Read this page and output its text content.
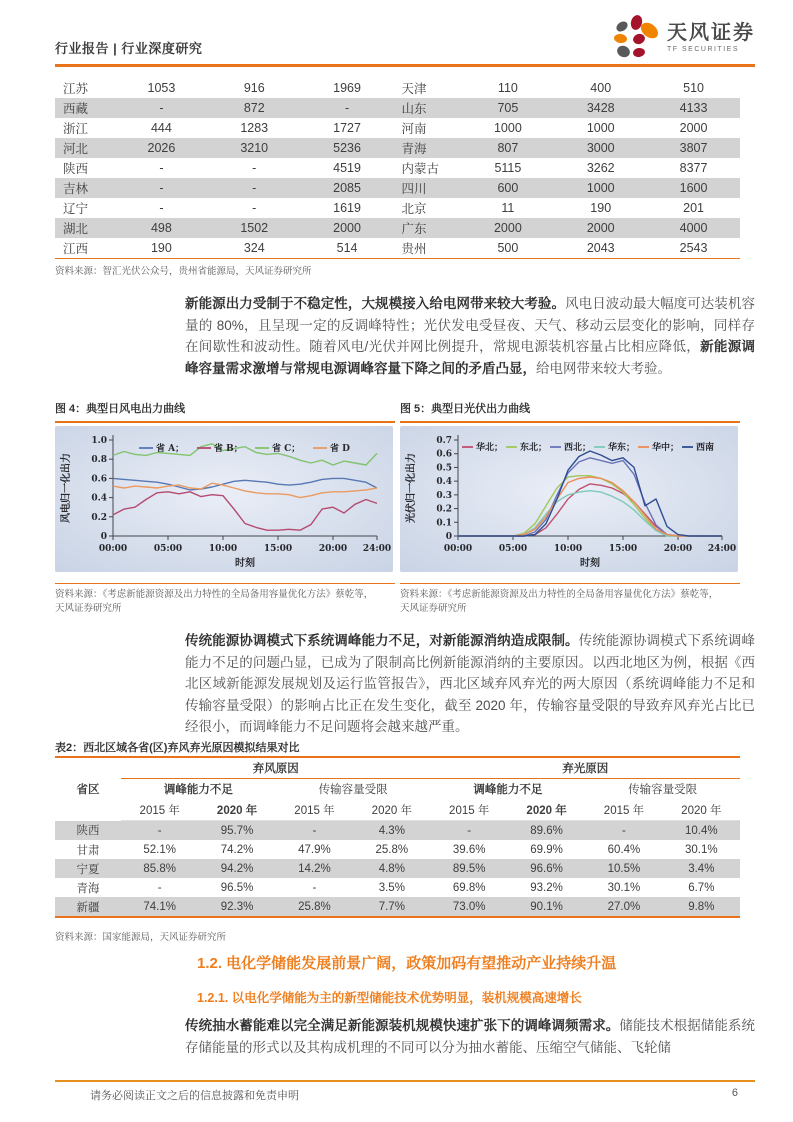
行业报告 | 行业深度研究
天风证券
TF SECURITIES
江苏	1053	916	1969	天津	110	400	510
西藏	-	872	-	山东	705	3428	4133
浙江	444	1283	1727	河南	1000	1000	2000
河北	2026	3210	5236	青海	807	3000	3807
陕西	-	-	4519	内蒙古	5115	3262	8377
吉林	-	-	2085	四川	600	1000	1600
辽宁	-	-	1619	北京	11	190	201
湖北	498	1502	2000	广东	2000	2000	4000
江西	190	324	514	贵州	500	2043	2543
资料来源：智汇光伏公众号，贵州省能源局，天风证券研究所

新能源出力受制于不稳定性，大规模接入给电网带来较大考验。风电日波动最大幅度可达装机容量的 80%，且呈现一定的反调峰特性；光伏发电受昼夜、天气、移动云层变化的影响，同样存在间歇性和波动性。随着风电/光伏并网比例提升，常规电源装机容量占比相应降低，新能源调峰容量需求激增与常规电源调峰容量下降之间的矛盾凸显，给电网带来较大考验。

图 4：典型日风电出力曲线
0
0.2
0.4
0.6
0.8
1.0
00:00	05:00	10:00	15:00	20:00 24:00
时刻
风电归一化出力
省 A；	省 B；	省 C；	省 D
资料来源：《考虑新能源资源及出力特性的全局备用容量优化方法》蔡乾等，
天风证券研究所
图 5：典型日光伏出力曲线
0
0.1
0.2
0.3
0.4
0.5
0.6
0.7
00:00	05:00	10:00	15:00	20:00 24:00
时刻
光伏归一化出力
华北； 东北； 西北； 华东； 华中； 西南
资料来源：《考虑新能源资源及出力特性的全局备用容量优化方法》蔡乾等，
天风证券研究所

传统能源协调模式下系统调峰能力不足，对新能源消纳造成限制。传统能源协调模式下系统调峰能力不足的问题凸显，已成为了限制高比例新能源消纳的主要原因。以西北地区为例，根据《西北区域新能源发展规划及运行监管报告》，西北区域弃风弃光的两大原因（系统调峰能力不足和传输容量受限）的影响占比正在发生变化，截至 2020 年，传输容量受限的导致弃风弃光占比已经很小，而调峰能力不足问题将会越来越严重。

表2：西北区域各省(区)弃风弃光原因模拟结果对比
省区	弃风原因				弃光原因			
	调峰能力不足		传输容量受限		调峰能力不足		传输容量受限	
	2015 年	2020 年	2015 年	2020 年	2015 年	2020 年	2015 年	2020 年
陕西	-	95.7%	-	4.3%	-	89.6%	-	10.4%
甘肃	52.1%	74.2%	47.9%	25.8%	39.6%	69.9%	60.4%	30.1%
宁夏	85.8%	94.2%	14.2%	4.8%	89.5%	96.6%	10.5%	3.4%
青海	-	96.5%	-	3.5%	69.8%	93.2%	30.1%	6.7%
新疆	74.1%	92.3%	25.8%	7.7%	73.0%	90.1%	27.0%	9.8%
资料来源：国家能源局，天风证券研究所
1.2. 电化学储能发展前景广阔，政策加码有望推动产业持续升温
1.2.1. 以电化学储能为主的新型储能技术优势明显，装机规模高速增长

传统抽水蓄能难以完全满足新能源装机规模快速扩张下的调峰调频需求。储能技术根据储能系统存储能量的形式以及其构成机理的不同可以分为抽水蓄能、压缩空气储能、飞轮储

请务必阅读正文之后的信息披露和免责申明	6
